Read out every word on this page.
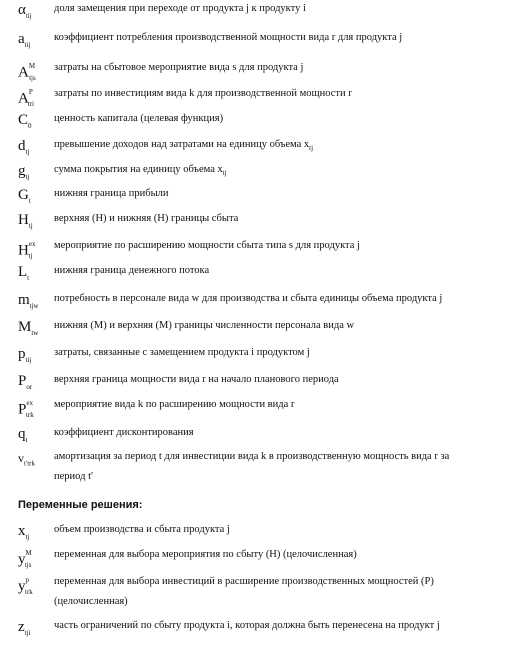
$\alpha_{tij}$
доля замещения при переходе от продукта j к продукту i
$a_{tij}$
коэффициент потребления производственной мощности вида r для продукта j
$A^M_{tjs}$
затраты на сбытовое мероприятие вида s для продукта j
$A^P_{tri}$
затраты по инвестициям вида k для производственной мощности r
$C_0$
ценность капитала (целевая функция)
$d_{tj}$
превышение доходов над затратами на единицу объема $x_{tj}$
$g_{tj}$
сумма покрытия на единицу объема $x_{tj}$
$G_t$
нижняя граница прибыли
$H_{tj}$
верхняя (H) и нижняя (H) границы сбыта
$H^{ex}_{tj}$
мероприятие по расширению мощности сбыта типа s для продукта j
$L_t$
нижняя граница денежного потока
$m_{tjw}$
потребность в персонале вида w для производства и сбыта единицы объема продукта j
$M_{tw}$
нижняя (M) и верхняя (M) границы численности персонала вида w
$p_{tij}$
затраты, связанные с замещением продукта i продуктом j
$P_{or}$
верхняя граница мощности вида r на начало планового периода
$P^{ex}_{trk}$
мероприятие вида k по расширению мощности вида r
$q_t$
коэффициент дисконтирования
$v_{t'trk}$
амортизация за период t для инвестиции вида k в производственную мощность вида r за
период t'
Переменные решения:
$x_{tj}$
объем производства и сбыта продукта j
$y^M_{tjs}$
переменная для выбора мероприятия по сбыту (H) (целочисленная)
$y^p_{trk}$
переменная для выбора инвестиций в расширение производственных мощностей (P)
(целочисленная)
$z_{tji}$
часть ограничений по сбыту продукта i, которая должна быть перенесена на продукт j
